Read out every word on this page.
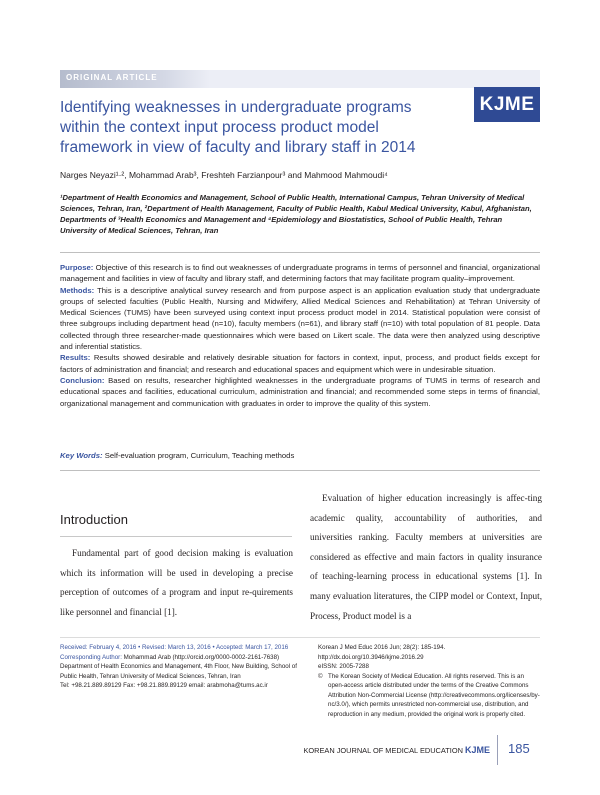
ORIGINAL ARTICLE
Identifying weaknesses in undergraduate programs within the context input process product model framework in view of faculty and library staff in 2014
KJME
Narges Neyazi¹·², Mohammad Arab³, Freshteh Farzianpour³ and Mahmood Mahmoudi⁴
¹Department of Health Economics and Management, School of Public Health, International Campus, Tehran University of Medical Sciences, Tehran, Iran, ²Department of Health Management, Faculty of Public Health, Kabul Medical University, Kabul, Afghanistan, Departments of ³Health Economics and Management and ⁴Epidemiology and Biostatistics, School of Public Health, Tehran University of Medical Sciences, Tehran, Iran

Purpose: Objective of this research is to find out weaknesses of undergraduate programs in terms of personnel and financial, organizational management and facilities in view of faculty and library staff, and determining factors that may facilitate program quality–improvement.

Methods: This is a descriptive analytical survey research and from purpose aspect is an application evaluation study that undergraduate groups of selected faculties (Public Health, Nursing and Midwifery, Allied Medical Sciences and Rehabilitation) at Tehran University of Medical Sciences (TUMS) have been surveyed using context input process product model in 2014. Statistical population were consist of three subgroups including department head (n=10), faculty members (n=61), and library staff (n=10) with total population of 81 people. Data collected through three researcher-made questionnaires which were based on Likert scale. The data were then analyzed using descriptive and inferential statistics.

Results: Results showed desirable and relatively desirable situation for factors in context, input, process, and product fields except for factors of administration and financial; and research and educational spaces and equipment which were in undesirable situation.

Conclusion: Based on results, researcher highlighted weaknesses in the undergraduate programs of TUMS in terms of research and educational spaces and facilities, educational curriculum, administration and financial; and recommended some steps in terms of financial, organizational management and communication with graduates in order to improve the quality of this system.

Key Words: Self-evaluation program, Curriculum, Teaching methods
Introduction
Fundamental part of good decision making is evaluation which its information will be used in developing a precise perception of outcomes of a program and input re-quirements like personnel and financial [1].
Evaluation of higher education increasingly is affec-ting academic quality, accountability of authorities, and universities ranking. Faculty members at universities are considered as effective and main factors in quality insurance of teaching-learning process in educational systems [1]. In many evaluation literatures, the CIPP model or Context, Input, Process, Product model is a
Received: February 4, 2016 • Revised: March 13, 2016 • Accepted: March 17, 2016
Corresponding Author: Mohammad Arab (http://orcid.org/0000-0002-2161-7638)
Department of Health Economics and Management, 4th Floor, New Building, School of Public Health, Tehran University of Medical Sciences, Tehran, Iran
Tel: +98.21.889.89129 Fax: +98.21.889.89129 email: arabmoha@tums.ac.ir
Korean J Med Educ 2016 Jun; 28(2): 185-194.
http://dx.doi.org/10.3946/kjme.2016.29
eISSN: 2005-7288
© The Korean Society of Medical Education. All rights reserved. This is an open-access article distributed under the terms of the Creative Commons Attribution Non-Commercial License (http://creativecommons.org/licenses/by-nc/3.0/), which permits unrestricted non-commercial use, distribution, and reproduction in any medium, provided the original work is properly cited.
KOREAN JOURNAL OF MEDICAL EDUCATION KJME 185
